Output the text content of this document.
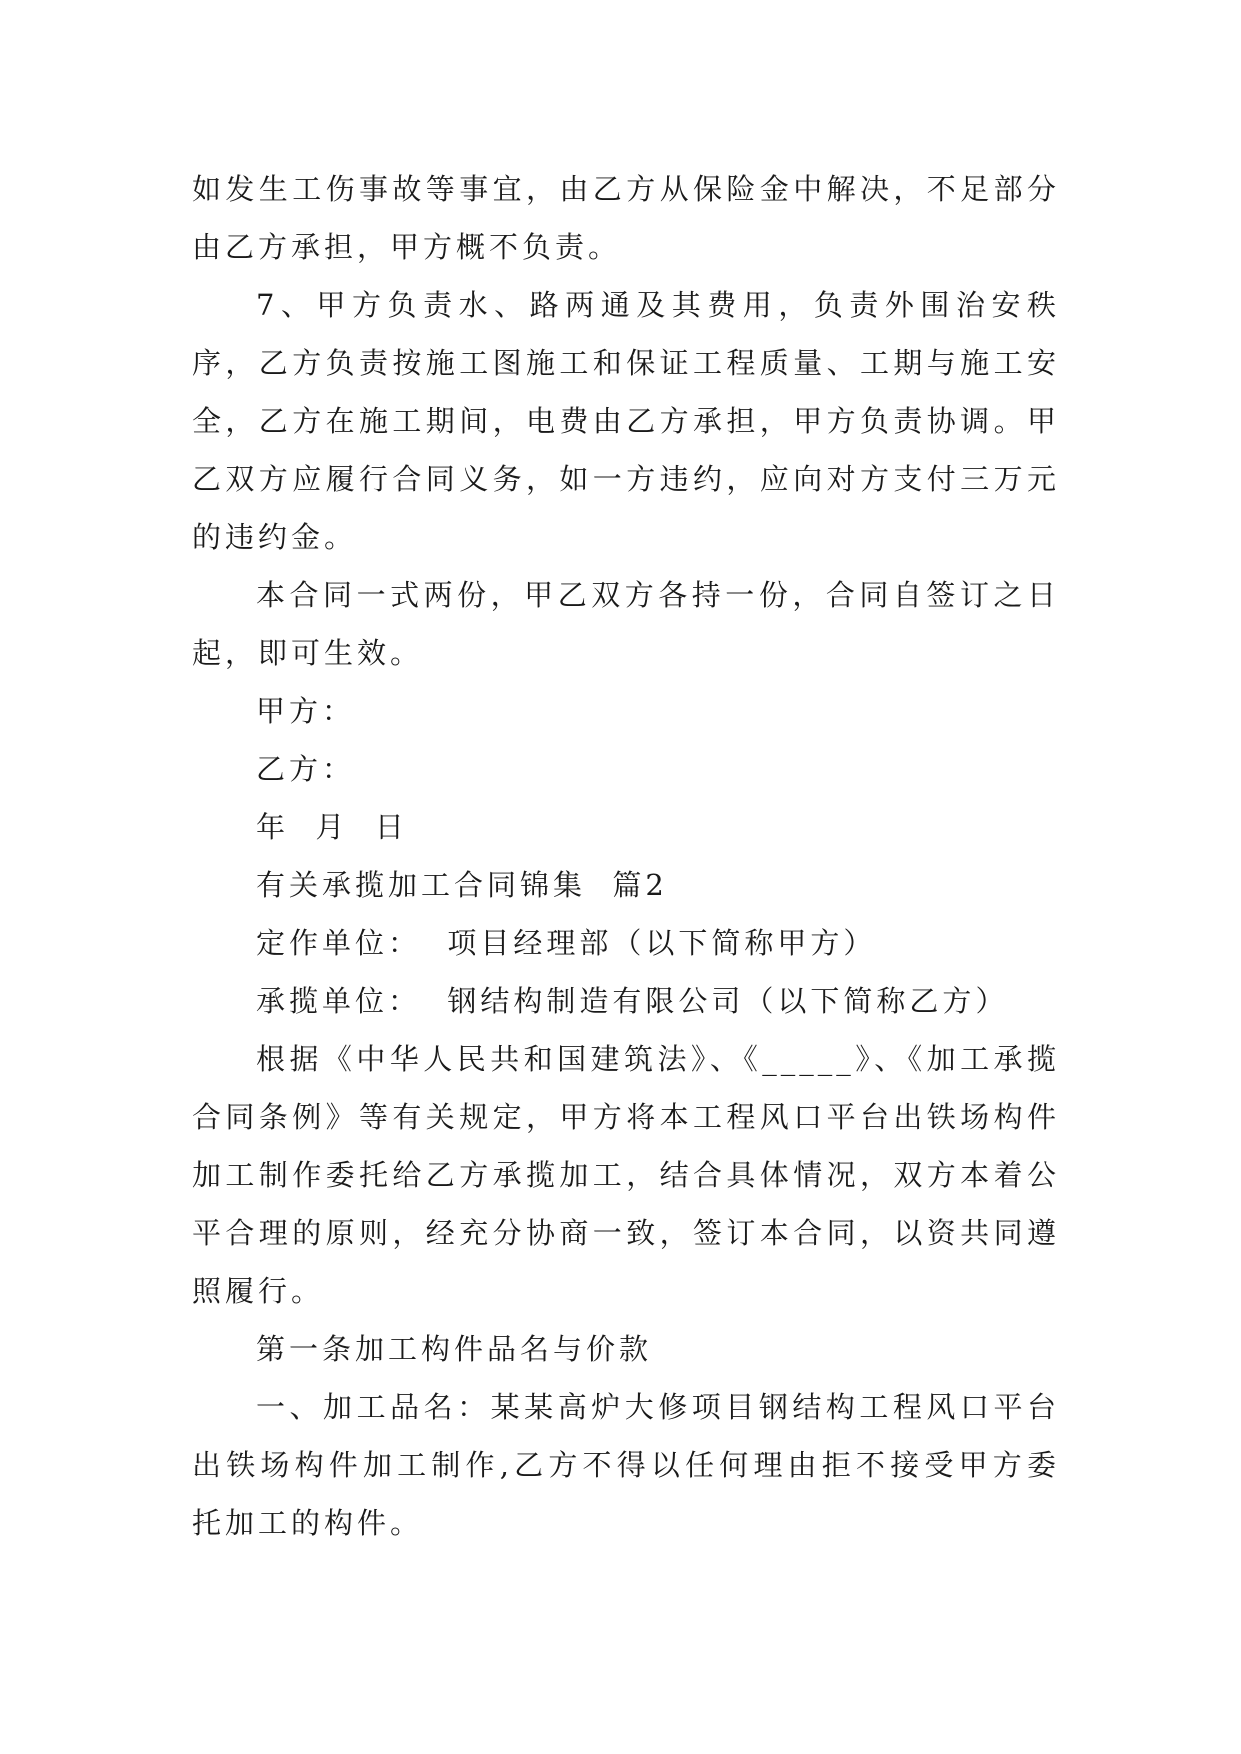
如发生工伤事故等事宜，由乙方从保险金中解决，不足部分由乙方承担，甲方概不负责。

7、甲方负责水、路两通及其费用，负责外围治安秩序，乙方负责按施工图施工和保证工程质量、工期与施工安全，乙方在施工期间，电费由乙方承担，甲方负责协调。甲乙双方应履行合同义务，如一方违约，应向对方支付三万元的违约金。

本合同一式两份，甲乙双方各持一份，合同自签订之日起，即可生效。

甲方：

乙方：

年  月  日

有关承揽加工合同锦集  篇2

定作单位：  项目经理部（以下简称甲方）

承揽单位：  钢结构制造有限公司（以下简称乙方）

根据《中华人民共和国建筑法》、《_____》、《加工承揽合同条例》等有关规定，甲方将本工程风口平台出铁场构件加工制作委托给乙方承揽加工，结合具体情况，双方本着公平合理的原则，经充分协商一致，签订本合同，以资共同遵照履行。

第一条加工构件品名与价款

一、加工品名：某某高炉大修项目钢结构工程风口平台出铁场构件加工制作,乙方不得以任何理由拒不接受甲方委托加工的构件。
